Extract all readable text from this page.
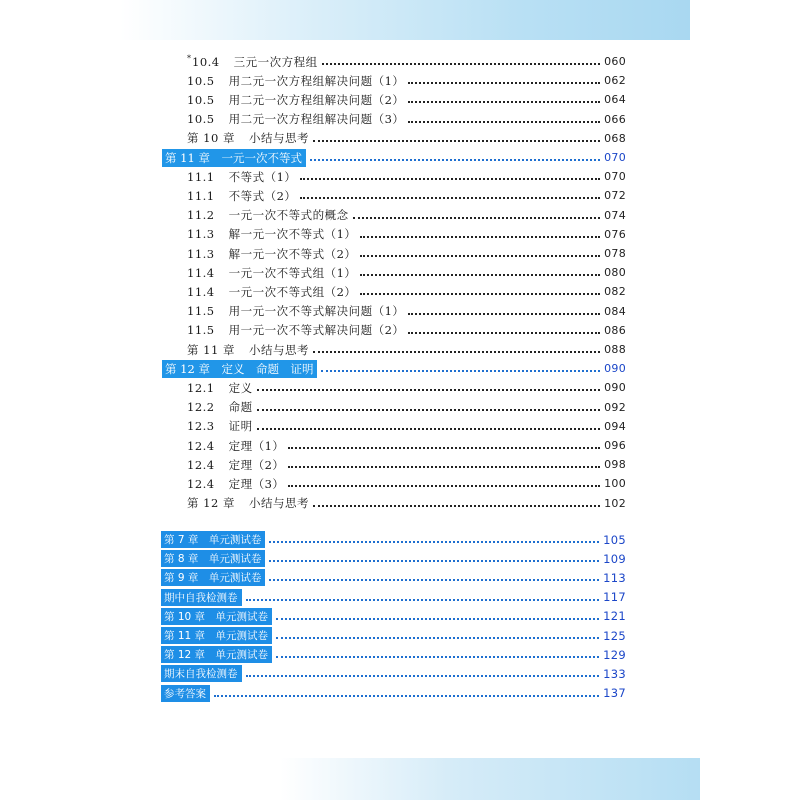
*10.4 三元一次方程组	060
10.5 用二元一次方程组解决问题（1）	062
10.5 用二元一次方程组解决问题（2）	064
10.5 用二元一次方程组解决问题（3）	066
第 10 章 小结与思考	068
第 11 章　一元一次不等式	070
11.1 不等式（1）	070
11.1 不等式（2）	072
11.2 一元一次不等式的概念	074
11.3 解一元一次不等式（1）	076
11.3 解一元一次不等式（2）	078
11.4 一元一次不等式组（1）	080
11.4 一元一次不等式组（2）	082
11.5 用一元一次不等式解决问题（1）	084
11.5 用一元一次不等式解决问题（2）	086
第 11 章 小结与思考	088
第 12 章　定义　命题　证明	090
12.1 定义	090
12.2 命题	092
12.3 证明	094
12.4 定理（1）	096
12.4 定理（2）	098
12.4 定理（3）	100
第 12 章 小结与思考	102
第 7 章　单元测试卷	105
第 8 章　单元测试卷	109
第 9 章　单元测试卷	113
期中自我检测卷	117
第 10 章　单元测试卷	121
第 11 章　单元测试卷	125
第 12 章　单元测试卷	129
期末自我检测卷	133
参考答案	137
